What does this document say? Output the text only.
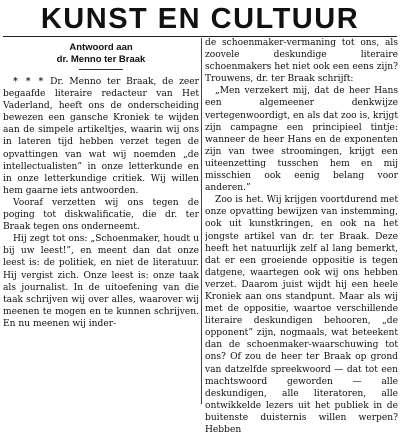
KUNST EN CULTUUR
Antwoord aan
dr. Menno ter Braak

* * * Dr. Menno ter Braak, de zeer begaafde literaire redacteur van Het Vaderland, heeft ons de onderscheiding bewezen een gansche Kroniek te wijden aan de simpele artikeltjes, waarin wij ons in lateren tijd hebben verzet tegen de opvattingen van wat wij noemden „de intellectualisten” in onze letterkunde en in onze letterkundige critiek. Wij willen hem gaarne iets antwoorden.

Vooraf verzetten wij ons tegen de poging tot diskwalificatie, die dr. ter Braak tegen ons onderneemt.

Hij zegt tot ons: „Schoenmaker, houdt u bij uw leest!”, en meent dan dat onze leest is: de politiek, en niet de literatuur. Hij vergist zich. Onze leest is: onze taak als journalist. In de uitoefening van die taak schrijven wij over alles, waarover wij meenen te mogen en te kunnen schrijven. En nu meenen wij inder-

de schoenmaker-vermaning tot ons, als zoovele deskundige literaire schoenmakers het niet ook een eens zijn? Trouwens, dr. ter Braak schrijft:

„Men verzekert mij, dat de heer Hans een algemeener denkwijze vertegenwoordigt, en als dat zoo is, krijgt zijn campagne een principieel tintje: wanneer de heer Hans en de exponenten zijn van twee stroomingen, krijgt een uiteenzetting tusschen hem en mij misschien ook eenig belang voor anderen.”

Zoo is het. Wij krijgen voortdurend met onze opvatting bewijzen van instemming, ook uit kunstkringen, en ook na het jongste artikel van dr. ter Braak. Deze heeft het natuurlijk zelf al lang bemerkt, dat er een groeiende oppositie is tegen datgene, waartegen ook wij ons hebben verzet. Daarom juist wijdt hij een heele Kroniek aan ons standpunt. Maar als wij met de oppositie, waartoe verschillende literaire deskundigen behooren, „de opponent” zijn, nogmaals, wat beteekent dan de schoenmaker-waarschuwing tot ons? Of zou de heer ter Braak op grond van datzelfde spreekwoord — dat tot een machtswoord geworden — alle deskundigen, alle literatoren, alle ontwikkelde lezers uit het publiek in de buitenste duisternis willen werpen? Hebben
